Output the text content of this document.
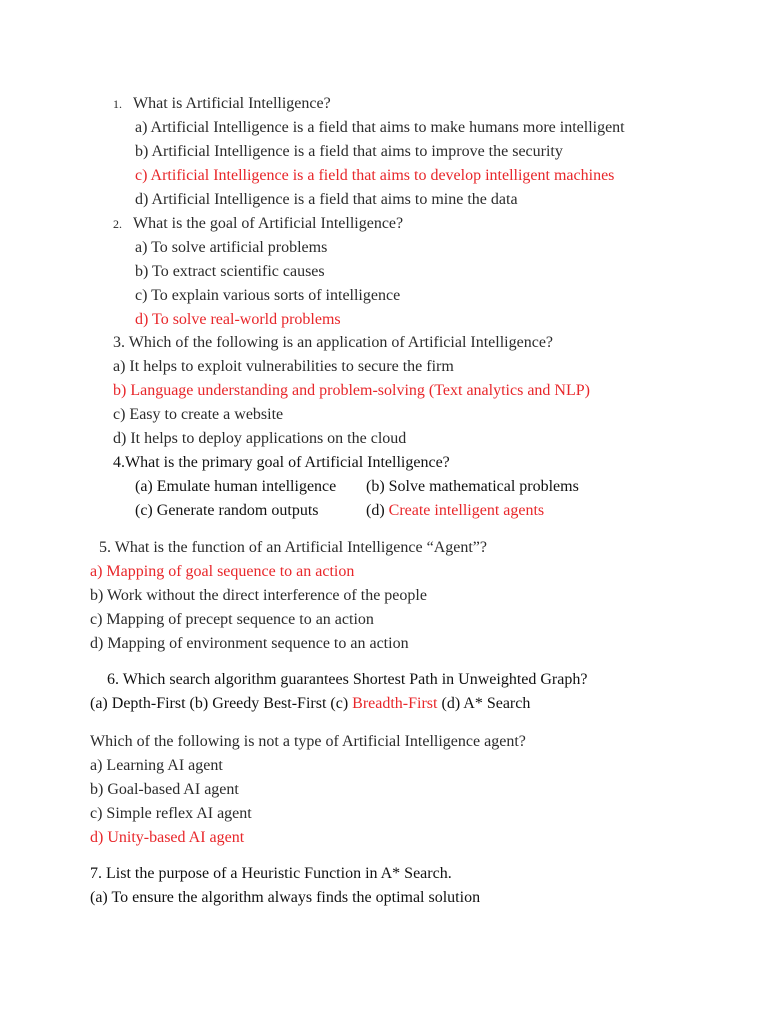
1. What is Artificial Intelligence?
a) Artificial Intelligence is a field that aims to make humans more intelligent
b) Artificial Intelligence is a field that aims to improve the security
c) Artificial Intelligence is a field that aims to develop intelligent machines
d) Artificial Intelligence is a field that aims to mine the data
2. What is the goal of Artificial Intelligence?
a) To solve artificial problems
b) To extract scientific causes
c) To explain various sorts of intelligence
d) To solve real-world problems
3. Which of the following is an application of Artificial Intelligence?
a) It helps to exploit vulnerabilities to secure the firm
b) Language understanding and problem-solving (Text analytics and NLP)
c) Easy to create a website
d) It helps to deploy applications on the cloud
4.What is the primary goal of Artificial Intelligence?
(a) Emulate human intelligence (b) Solve mathematical problems
(c) Generate random outputs	(d) Create intelligent agents
5. What is the function of an Artificial Intelligence “Agent”?
a) Mapping of goal sequence to an action
b) Work without the direct interference of the people
c) Mapping of precept sequence to an action
d) Mapping of environment sequence to an action
6. Which search algorithm guarantees Shortest Path in Unweighted Graph?
(a) Depth-First (b) Greedy Best-First (c) Breadth-First (d) A* Search
Which of the following is not a type of Artificial Intelligence agent?
a) Learning AI agent
b) Goal-based AI agent
c) Simple reflex AI agent
d) Unity-based AI agent
7. List the purpose of a Heuristic Function in A* Search.
(a) To ensure the algorithm always finds the optimal solution
